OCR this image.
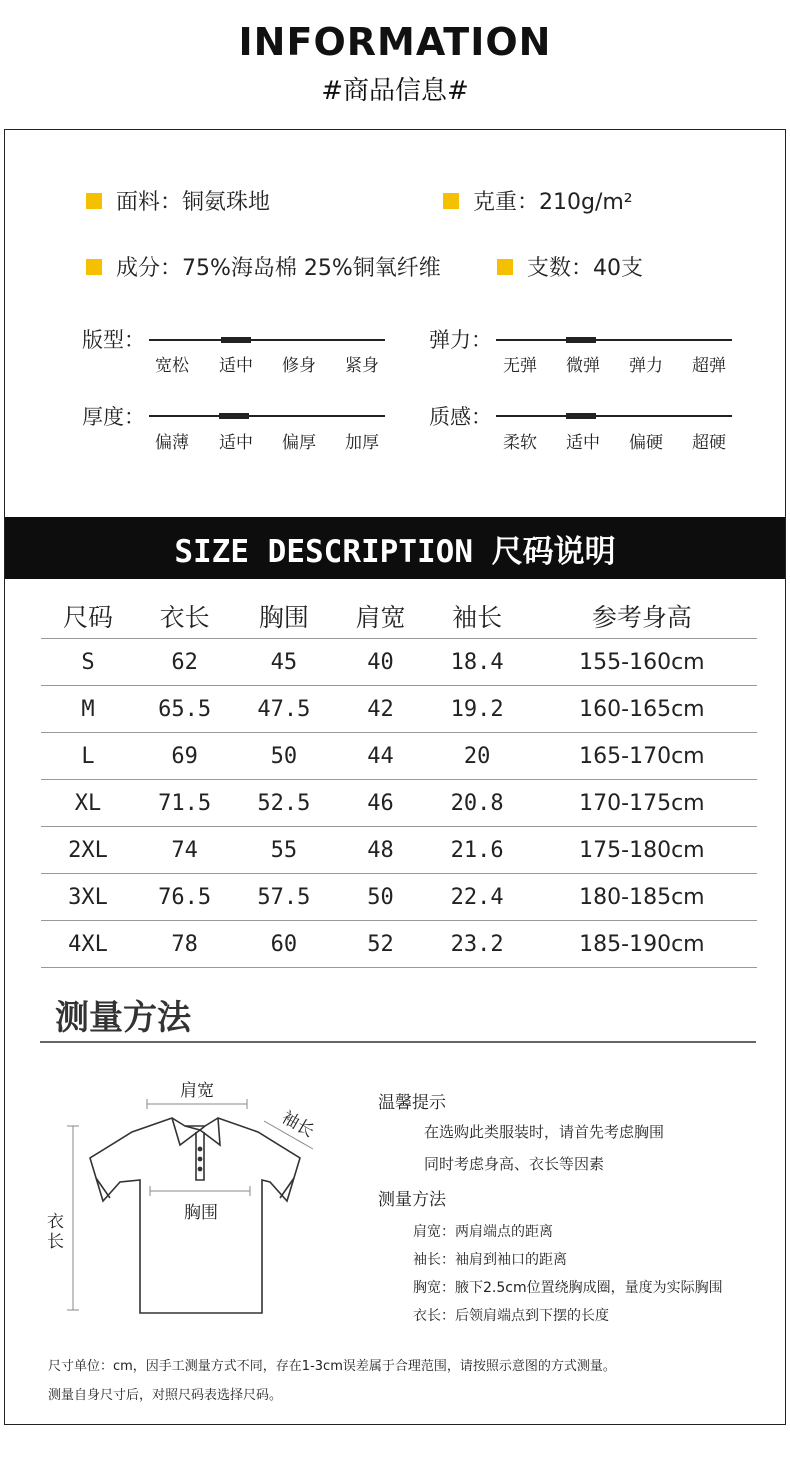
INFORMATION
#商品信息#
面料：铜氨珠地	克重：210g/m²
成分：75%海岛棉 25%铜氧纤维	支数：40支
版型：
宽松	适中	修身	紧身
弹力：
无弹	微弹	弹力	超弹
厚度：
偏薄	适中	偏厚	加厚
质感：
柔软	适中	偏硬	超硬
SIZE DESCRIPTION 尺码说明
尺码	衣长	胸围	肩宽	袖长	参考身高
S	62	45	40	18.4	155-160cm
M	65.5	47.5	42	19.2	160-165cm
L	69	50	44	20	165-170cm
XL	71.5	52.5	46	20.8	170-175cm
2XL	74	55	48	21.6	175-180cm
3XL	76.5	57.5	50	22.4	180-185cm
4XL	78	60	52	23.2	185-190cm
测量方法
肩宽
袖长
胸围
衣长
温馨提示
在选购此类服装时，请首先考虑胸围
同时考虑身高、衣长等因素
测量方法
肩宽：两肩端点的距离
袖长：袖肩到袖口的距离
胸宽：腋下2.5cm位置绕胸成圈，量度为实际胸围
衣长：后领肩端点到下摆的长度
尺寸单位：cm，因手工测量方式不同，存在1-3cm误差属于合理范围，请按照示意图的方式测量。
测量自身尺寸后，对照尺码表选择尺码。
